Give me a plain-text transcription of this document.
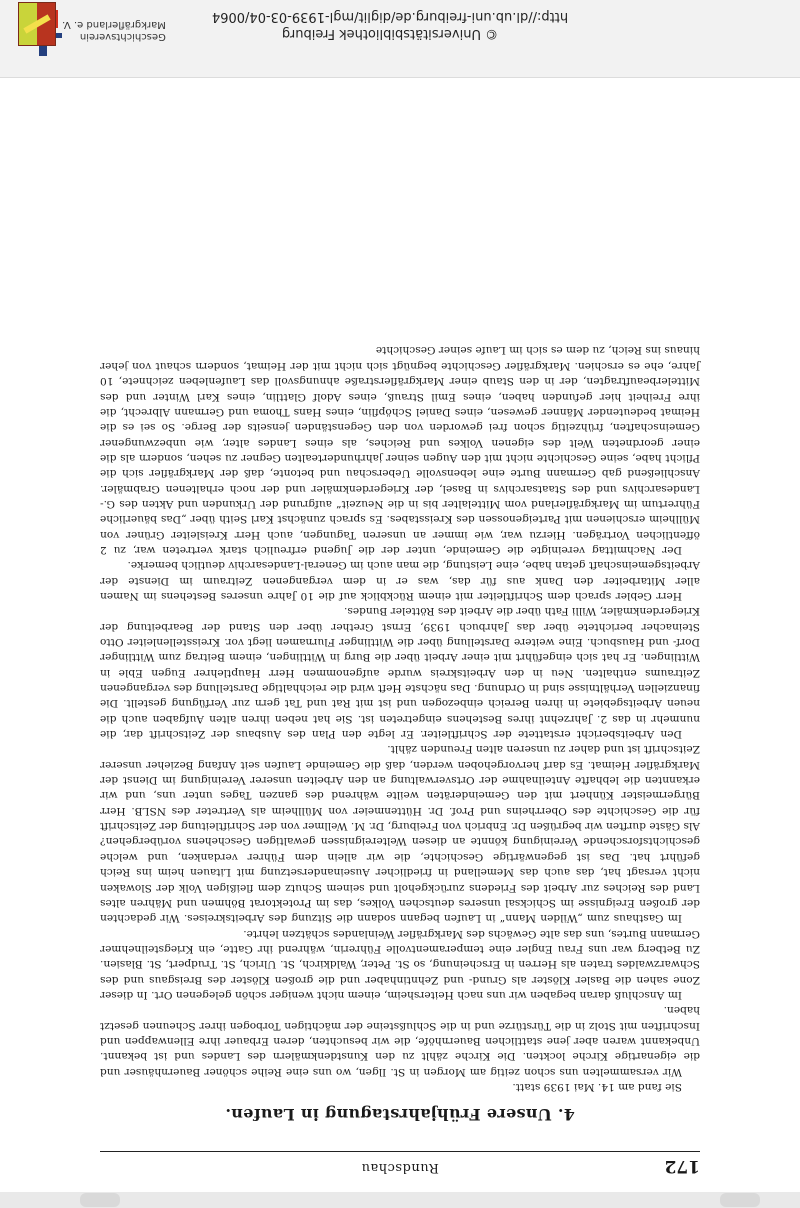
172
Rundschau
4. Unsere Frühjahrstagung in Laufen.

Sie fand am 14. Mai 1939 statt.

Wir versammelten uns schon zeitig am Morgen in St. Ilgen, wo uns eine Reihe schöner Bauernhäuser und die eigenartige Kirche lockten. Die Kirche zählt zu den Kunstdenkmälern des Landes und ist bekannt. Unbekannt waren aber jene stattlichen Bauernhöfe, die wir besuchten, deren Erbauer ihre Ellenwappen und Inschriften mit Stolz in die Türstürze und in die Schlußsteine der mächtigen Torbogen ihrer Scheunen gesetzt haben.

Im Anschluß daran begaben wir uns nach Heitersheim, einem nicht weniger schön gelegenen Ort. In dieser Zone sahen die Basler Klöster als Grund- und Zehntinhaber und die großen Klöster des Breisgaus und des Schwarzwaldes traten als Herren in Erscheinung, so St. Peter, Waldkirch, St. Ulrich, St. Trudpert, St. Blasien. Zu Betberg war uns Frau Engler eine temperamentvolle Führerin, während ihr Gatte, ein Kriegsteilnehmer Germann Burtes, uns das alte Gewächs des Markgräfler Weinlandes schätzen lehrte.

Im Gasthaus zum „Wilden Mann“ in Laufen begann sodann die Sitzung des Arbeitskreises. Wir gedachten der großen Ereignisse im Schicksal unseres deutschen Volkes, das im Protektorat Böhmen und Mähren altes Land des Reiches zur Arbeit des Friedens zurückgeholt und seinem Schutz dem fleißigen Volk der Slowaken nicht versagt hat, das auch das Memelland in friedlicher Auseinandersetzung mit Litauen heim ins Reich geführt hat. Das ist gegenwärtige Geschichte, die wir allein dem Führer verdanken, und welche geschichtsforschende Vereinigung könnte an diesen Weltereignissen gewaltigen Geschehens vorübergehen? Als Gäste durften wir begrüßen Dr. Enbrich von Freiburg, Dr. M. Wellmer von der Schriftleitung der Zeitschrift für die Geschichte des Oberrheins und Prof. Dr. Hüttenmeier von Müllheim als Vertreter des NSLB. Herr Bürgermeister Künhert mit den Gemeinderäten weilte während des ganzen Tages unter uns, und wir erkannten die lebhafte Anteilnahme der Ortsverwaltung an den Arbeiten unserer Vereinigung im Dienst der Markgräfler Heimat. Es darf hervorgehoben werden, daß die Gemeinde Laufen seit Anfang Bezieher unserer Zeitschrift ist und daher zu unseren alten Freunden zählt.

Den Arbeitsbericht erstattete der Schriftleiter. Er legte den Plan des Ausbaus der Zeitschrift dar, die nunmehr in das 2. Jahrzehnt ihres Bestehens eingetreten ist. Sie hat neben ihren alten Aufgaben auch die neuen Arbeitsgebiete in ihren Bereich einbezogen und ist mit Rat und Tat gern zur Verfügung gestellt. Die finanziellen Verhältnisse sind in Ordnung. Das nächste Heft wird die reichhaltige Darstellung des vergangenen Zeitraums enthalten. Neu in den Arbeitskreis wurde aufgenommen Herr Hauptlehrer Eugen Eble in Wittlingen. Er hat sich eingeführt mit einer Arbeit über die Burg in Wittlingen, einem Beitrag zum Wittlinger Dorf- und Hausbuch. Eine weitere Darstellung über die Wittlinger Flurnamen liegt vor. Kreisstellenleiter Otto Steinacher berichtete über das Jahrbuch 1939, Ernst Grether über den Stand der Bearbeitung der Kriegerdenkmäler, Willi Fath über die Arbeit des Rötteler Bundes.

Herr Gebler sprach dem Schriftleiter mit einem Rückblick auf die 10 Jahre unseres Bestehens im Namen aller Mitarbeiter den Dank aus für das, was er in dem vergangenen Zeitraum im Dienste der Arbeitsgemeinschaft getan habe, eine Leistung, die man auch im General-Landesarchiv deutlich bemerke.

Der Nachmittag vereinigte die Gemeinde, unter der die Jugend erfreulich stark vertreten war, zu 2 öffentlichen Vorträgen. Hierzu war, wie immer an unseren Tagungen, auch Herr Kreisleiter Grüner von Müllheim erschienen mit Parteigenossen des Kreisstabes. Es sprach zunächst Karl Seith über „Das bäuerliche Führertum im Markgräflerland vom Mittelalter bis in die Neuzeit“ aufgrund der Urkunden und Akten des G.-Landesarchivs und des Staatsarchivs in Basel, der Kriegerdenkmäler und der noch erhaltenen Grabmäler. Anschließend gab Germann Burte eine lebensvolle Ueberschau und betonte, daß der Markgräfler sich die Pflicht habe, seine Geschichte nicht mit den Augen seiner jahrhundertealten Gegner zu sehen, sondern als die einer geordneten Welt des eigenen Volkes und Reiches, als eines Landes alter, wie unbezwungener Gemeinschaften, frühzeitig schon frei geworden von den Gegenständen jenseits der Berge. So sei es die Heimat bedeutender Männer gewesen, eines Daniel Schöpflin, eines Hans Thoma und Germann Albrecht, die ihre Freiheit hier gefunden haben, eines Emil Strauß, eines Adolf Glattlin, eines Karl Winter und des Mittelerbeauftragten, der in den Staub einer Markgräflerstraße ahnungsvoll das Laufenleben zeichnete, 10 Jahre, ehe es erschien. Markgräfler Geschichte begnügt sich nicht mit der Heimat, sondern schaut von jeher hinaus ins Reich, zu dem es sich im Laufe seiner Geschichte

© Universitätsbibliothek Freiburg
http://dl.ub.uni-freiburg.de/diglit/mgl-1939-03-04/0064
Geschichtsverein
Markgräflerland e. V.
